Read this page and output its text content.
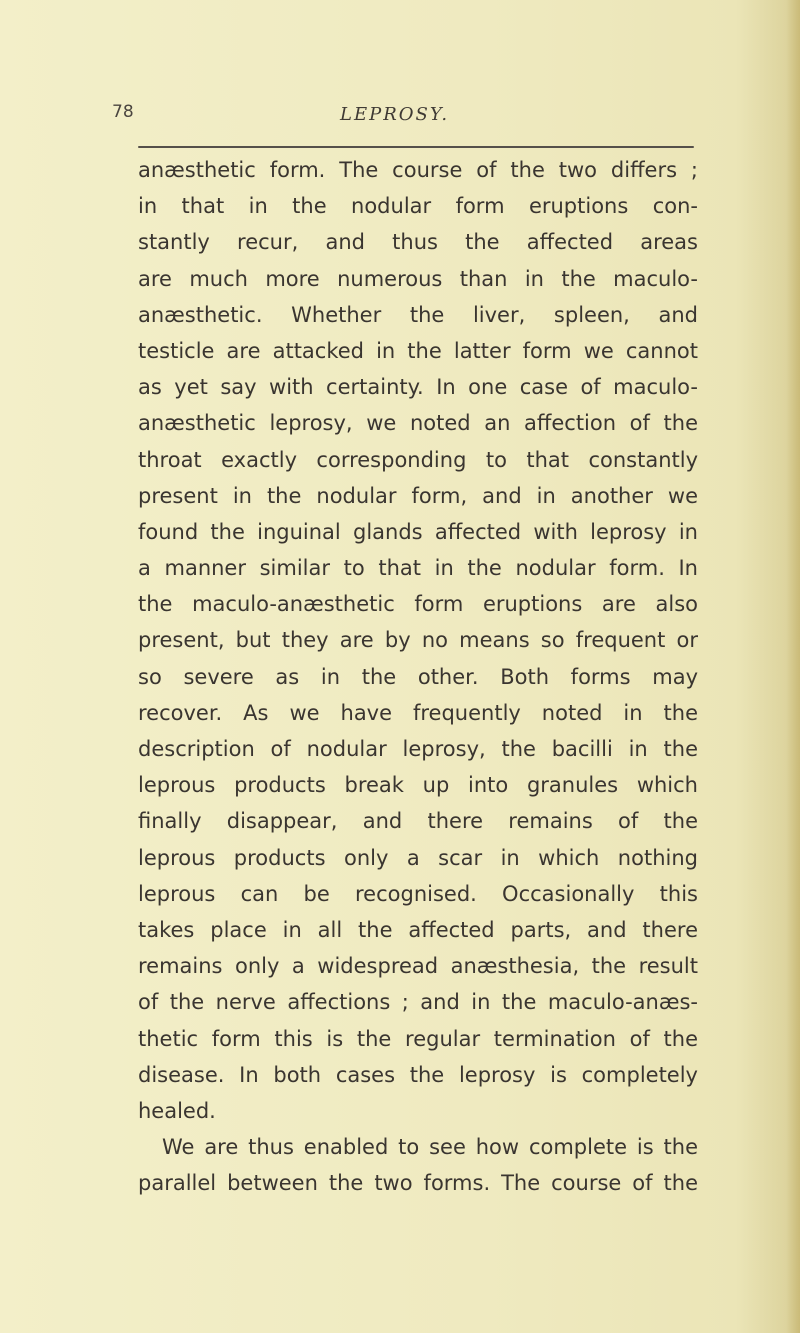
78	LEPROSY.
anæsthetic form. The course of the two differs ;
in that in the nodular form eruptions con-
stantly recur, and thus the affected areas
are much more numerous than in the maculo-
anæsthetic. Whether the liver, spleen, and
testicle are attacked in the latter form we cannot
as yet say with certainty. In one case of maculo-
anæsthetic leprosy, we noted an affection of the
throat exactly corresponding to that constantly
present in the nodular form, and in another we
found the inguinal glands affected with leprosy in
a manner similar to that in the nodular form. In
the maculo-anæsthetic form eruptions are also
present, but they are by no means so frequent or
so severe as in the other. Both forms may
recover. As we have frequently noted in the
description of nodular leprosy, the bacilli in the
leprous products break up into granules which
finally disappear, and there remains of the
leprous products only a scar in which nothing
leprous can be recognised. Occasionally this
takes place in all the affected parts, and there
remains only a widespread anæsthesia, the result
of the nerve affections ; and in the maculo-anæs-
thetic form this is the regular termination of the
disease. In both cases the leprosy is completely
healed.
We are thus enabled to see how complete is the
parallel between the two forms. The course of the
